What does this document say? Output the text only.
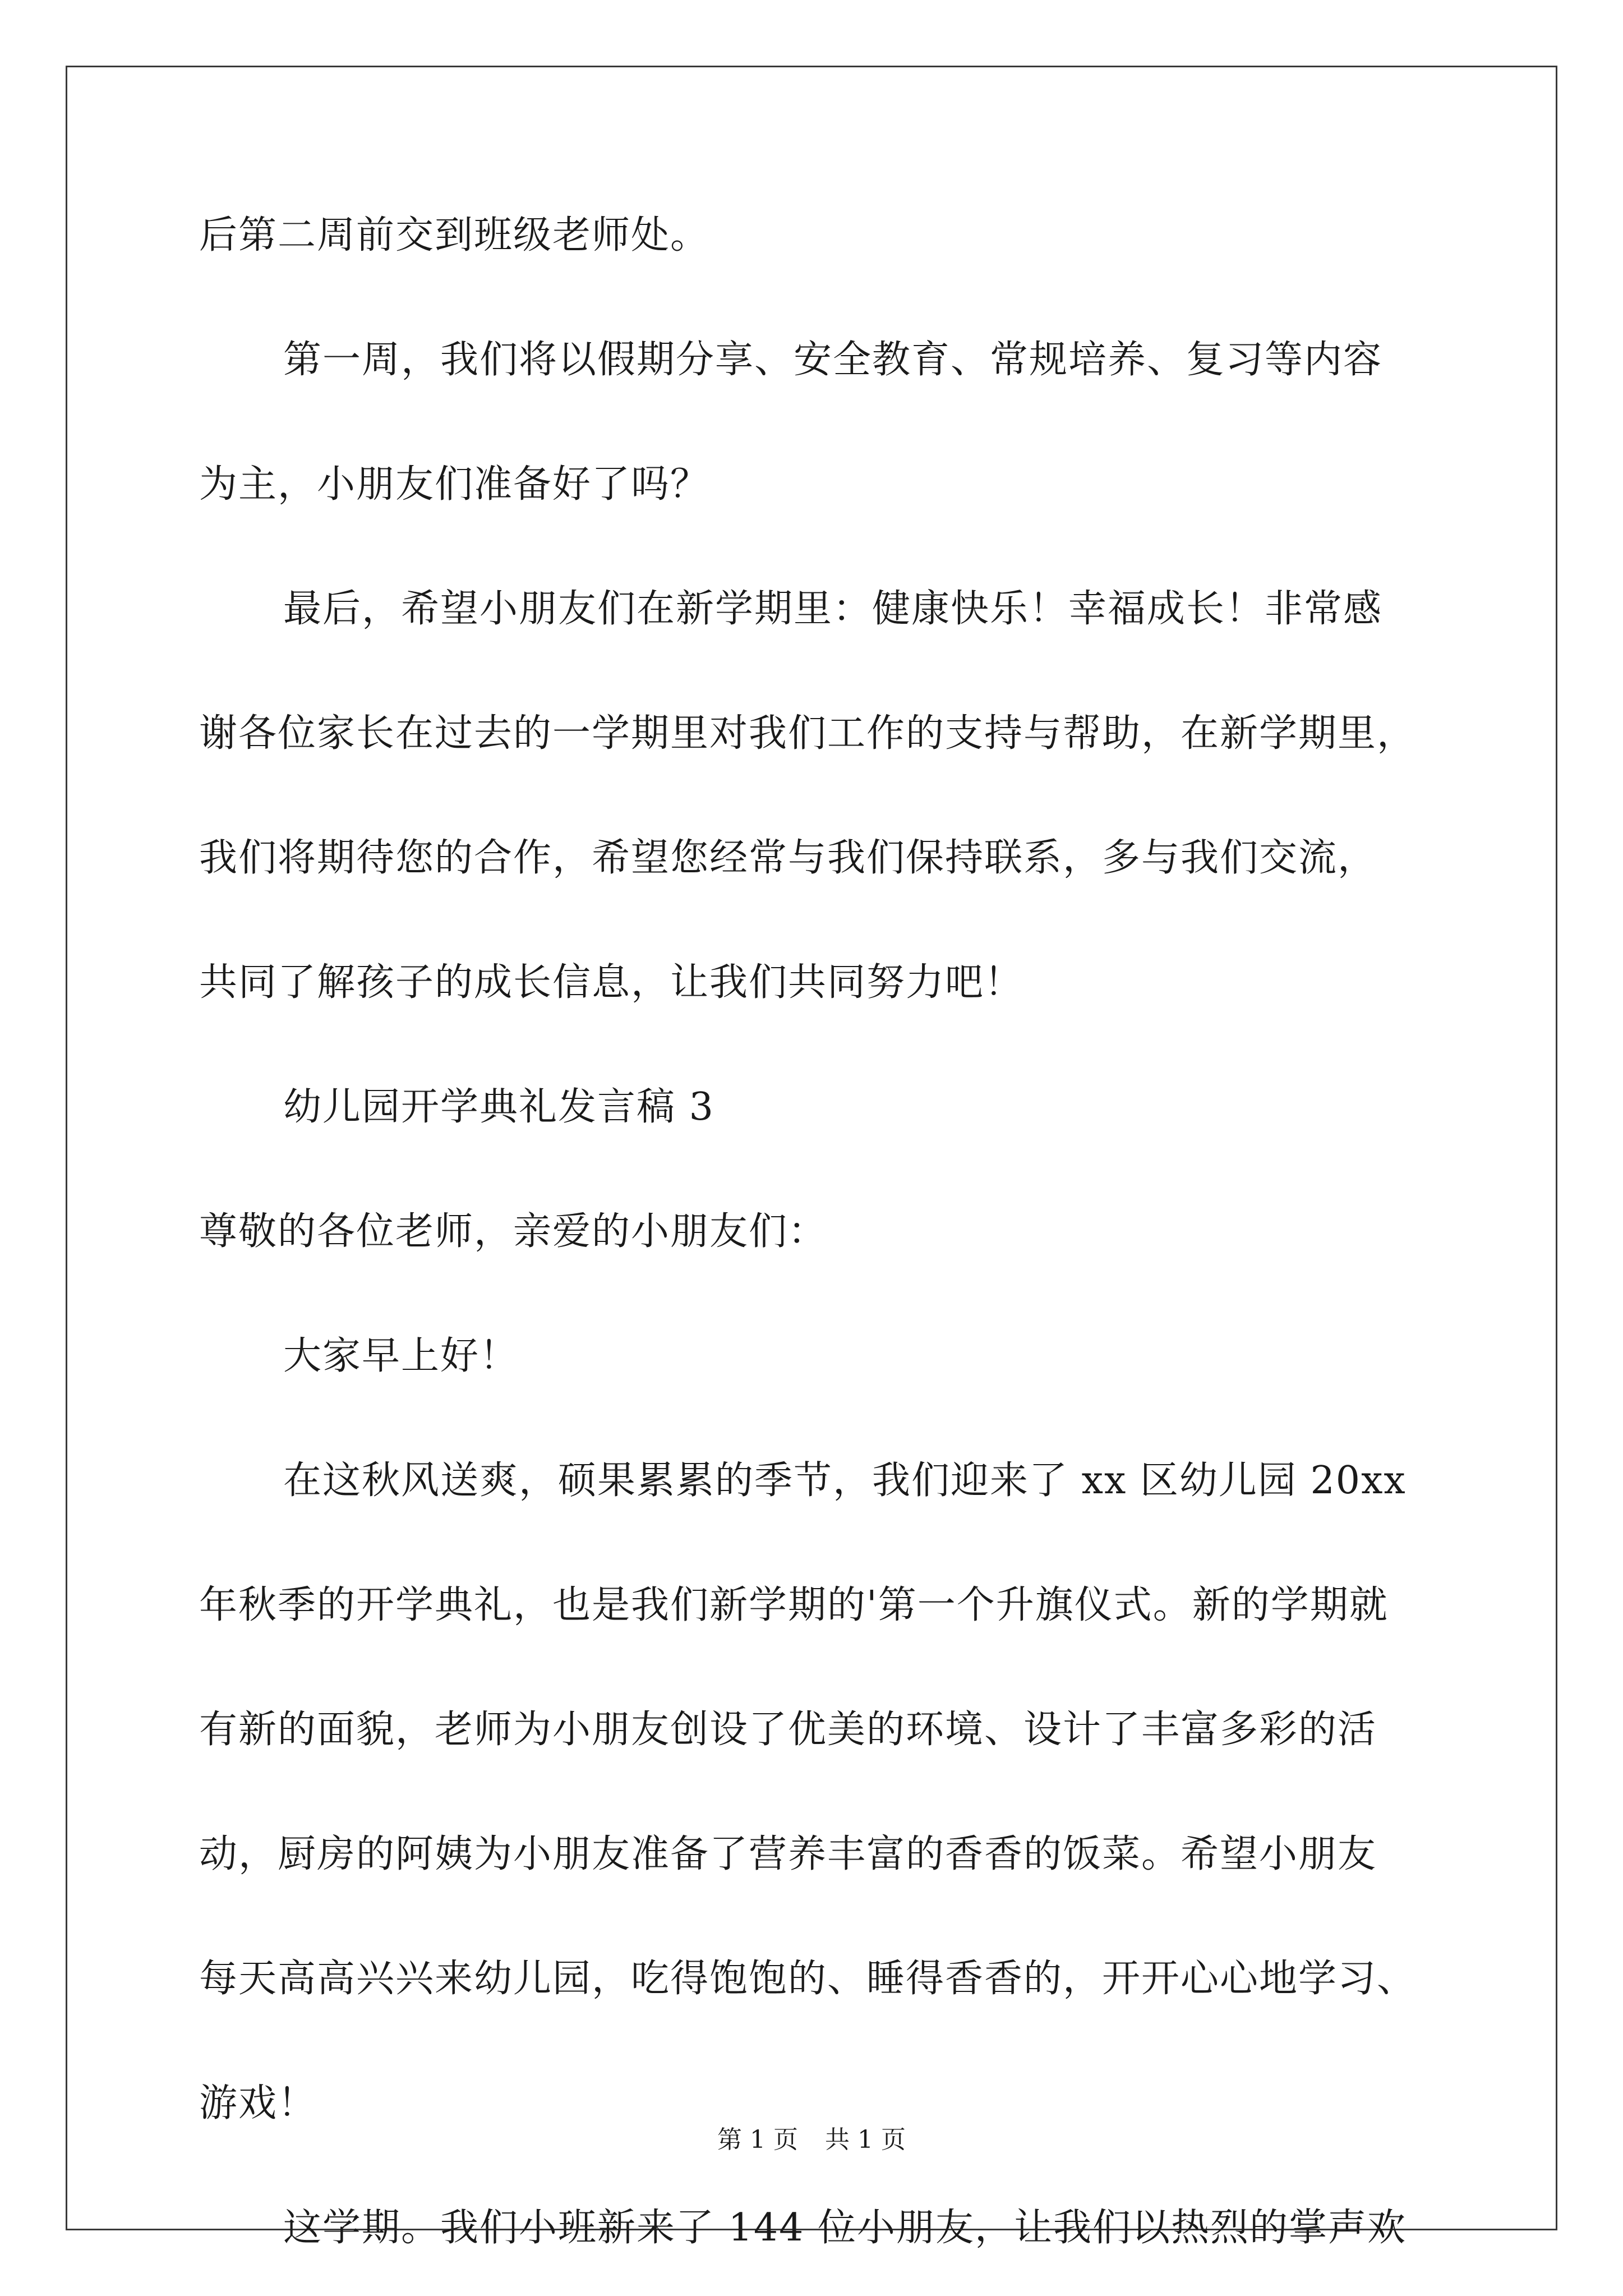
后第二周前交到班级老师处。
第一周，我们将以假期分享、安全教育、常规培养、复习等内容
为主，小朋友们准备好了吗？
最后，希望小朋友们在新学期里：健康快乐！幸福成长！非常感
谢各位家长在过去的一学期里对我们工作的支持与帮助，在新学期里，
我们将期待您的合作，希望您经常与我们保持联系，多与我们交流，
共同了解孩子的成长信息，让我们共同努力吧！
幼儿园开学典礼发言稿 3
尊敬的各位老师，亲爱的小朋友们：
大家早上好！
在这秋风送爽，硕果累累的季节，我们迎来了 xx 区幼儿园 20xx
年秋季的开学典礼，也是我们新学期的'第一个升旗仪式。新的学期就
有新的面貌，老师为小朋友创设了优美的环境、设计了丰富多彩的活
动，厨房的阿姨为小朋友准备了营养丰富的香香的饭菜。希望小朋友
每天高高兴兴来幼儿园，吃得饱饱的、睡得香香的，开开心心地学习、
游戏！
这学期。我们小班新来了 144 位小朋友，让我们以热烈的掌声欢
第 1 页 共 1 页
